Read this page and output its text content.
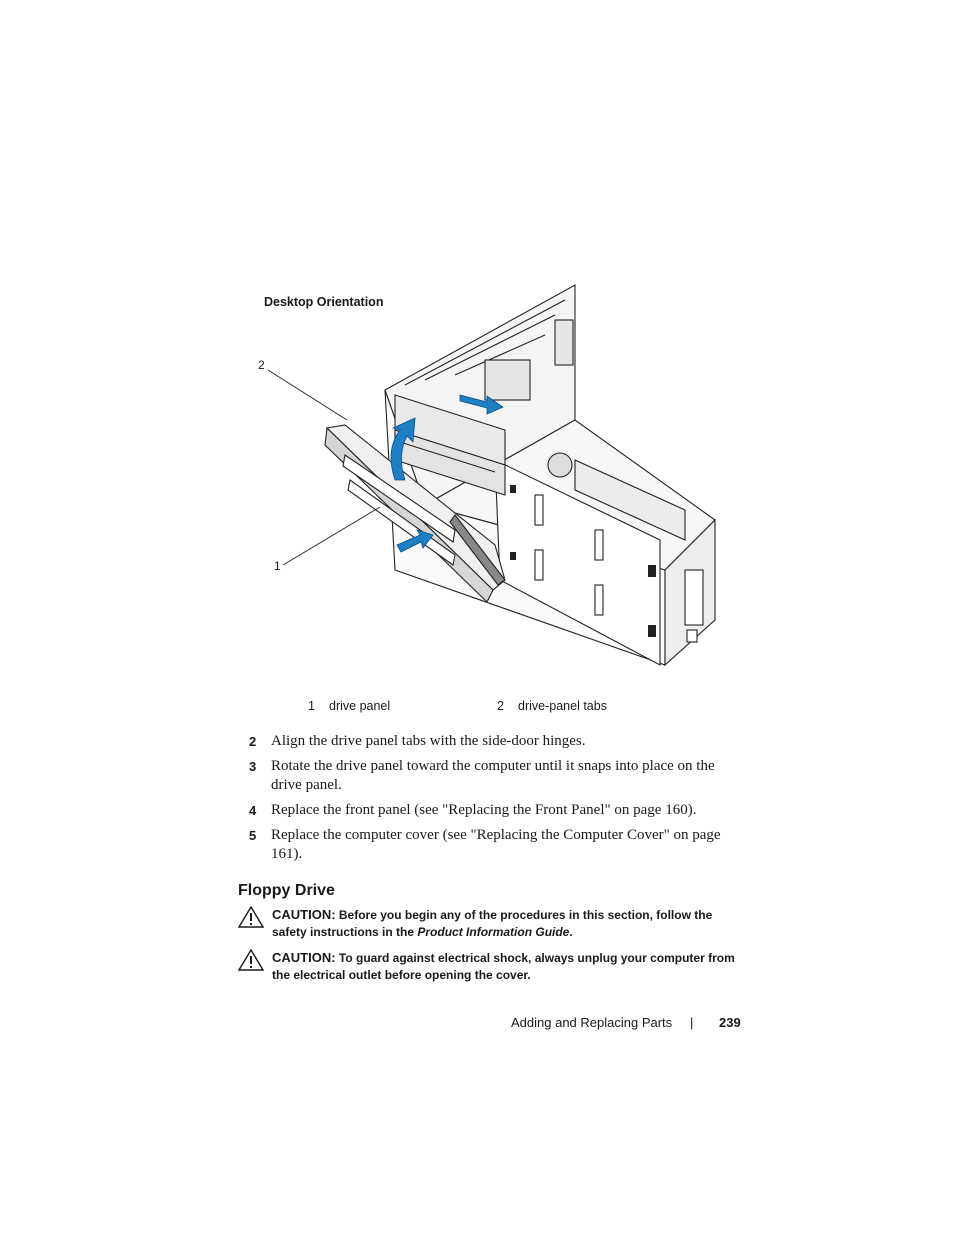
Desktop Orientation
2
1
1 drive panel	2 drive-panel tabs
2 Align the drive panel tabs with the side-door hinges.
3 Rotate the drive panel toward the computer until it snaps into place on the drive panel.
4 Replace the front panel (see "Replacing the Front Panel" on page 160).
5 Replace the computer cover (see "Replacing the Computer Cover" on page 161).
Floppy Drive
CAUTION: Before you begin any of the procedures in this section, follow the safety instructions in the Product Information Guide.
CAUTION: To guard against electrical shock, always unplug your computer from the electrical outlet before opening the cover.
Adding and Replacing Parts | 239
